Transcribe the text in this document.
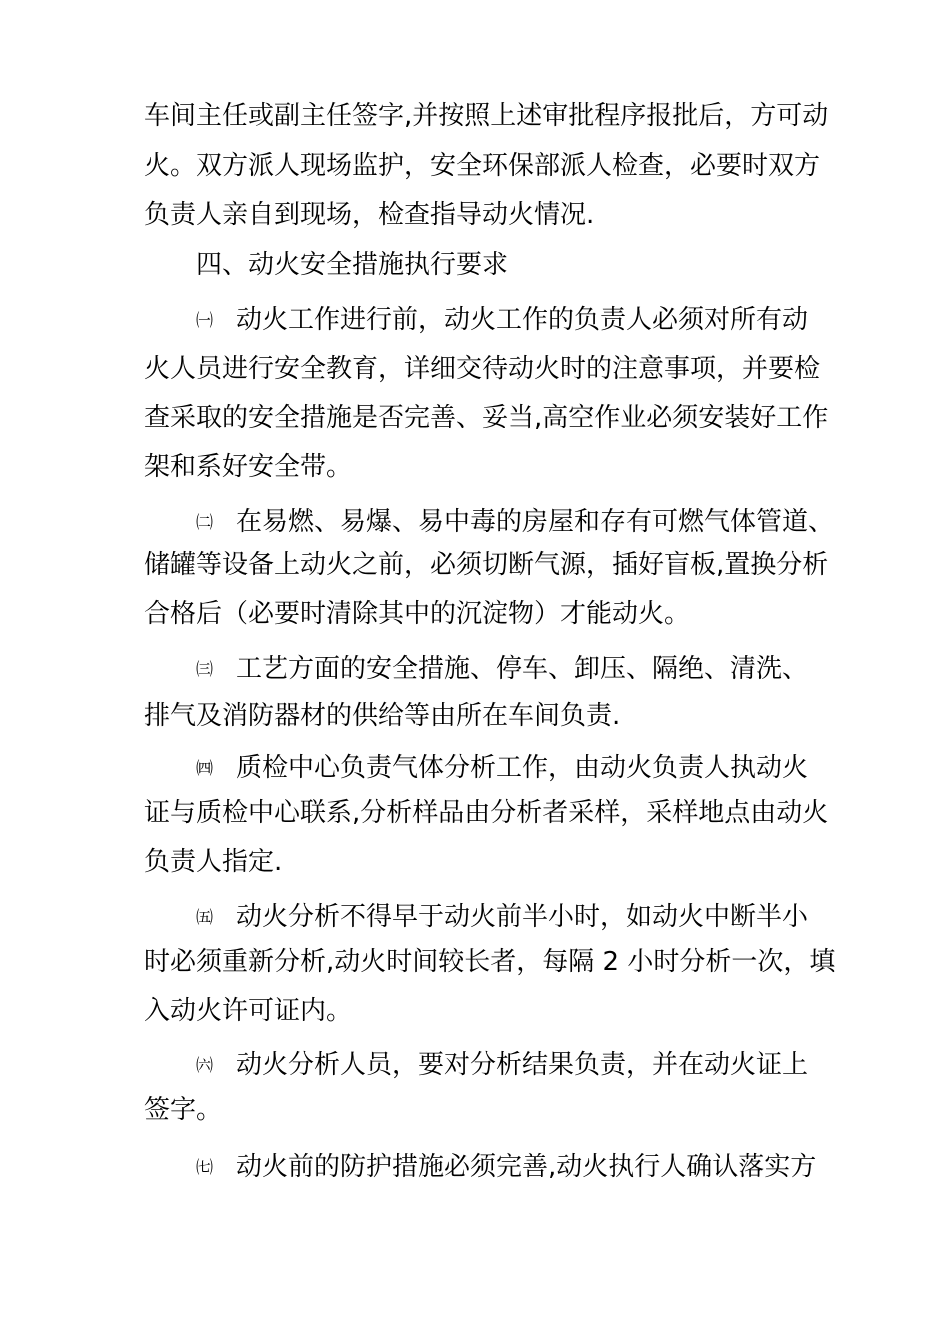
车间主任或副主任签字,并按照上述审批程序报批后，方可动
火。双方派人现场监护，安全环保部派人检查，必要时双方
负责人亲自到现场，检查指导动火情况.
四、动火安全措施执行要求
㈠ 动火工作进行前，动火工作的负责人必须对所有动
火人员进行安全教育，详细交待动火时的注意事项，并要检
查采取的安全措施是否完善、妥当,高空作业必须安装好工作
架和系好安全带。
㈡ 在易燃、易爆、易中毒的房屋和存有可燃气体管道、
储罐等设备上动火之前，必须切断气源，插好盲板,置换分析
合格后（必要时清除其中的沉淀物）才能动火。
㈢ 工艺方面的安全措施、停车、卸压、隔绝、清洗、
排气及消防器材的供给等由所在车间负责.
㈣ 质检中心负责气体分析工作，由动火负责人执动火
证与质检中心联系,分析样品由分析者采样，采样地点由动火
负责人指定.
㈤ 动火分析不得早于动火前半小时，如动火中断半小
时必须重新分析,动火时间较长者，每隔 2 小时分析一次，填
入动火许可证内。
㈥ 动火分析人员，要对分析结果负责，并在动火证上
签字。
㈦ 动火前的防护措施必须完善,动火执行人确认落实方
